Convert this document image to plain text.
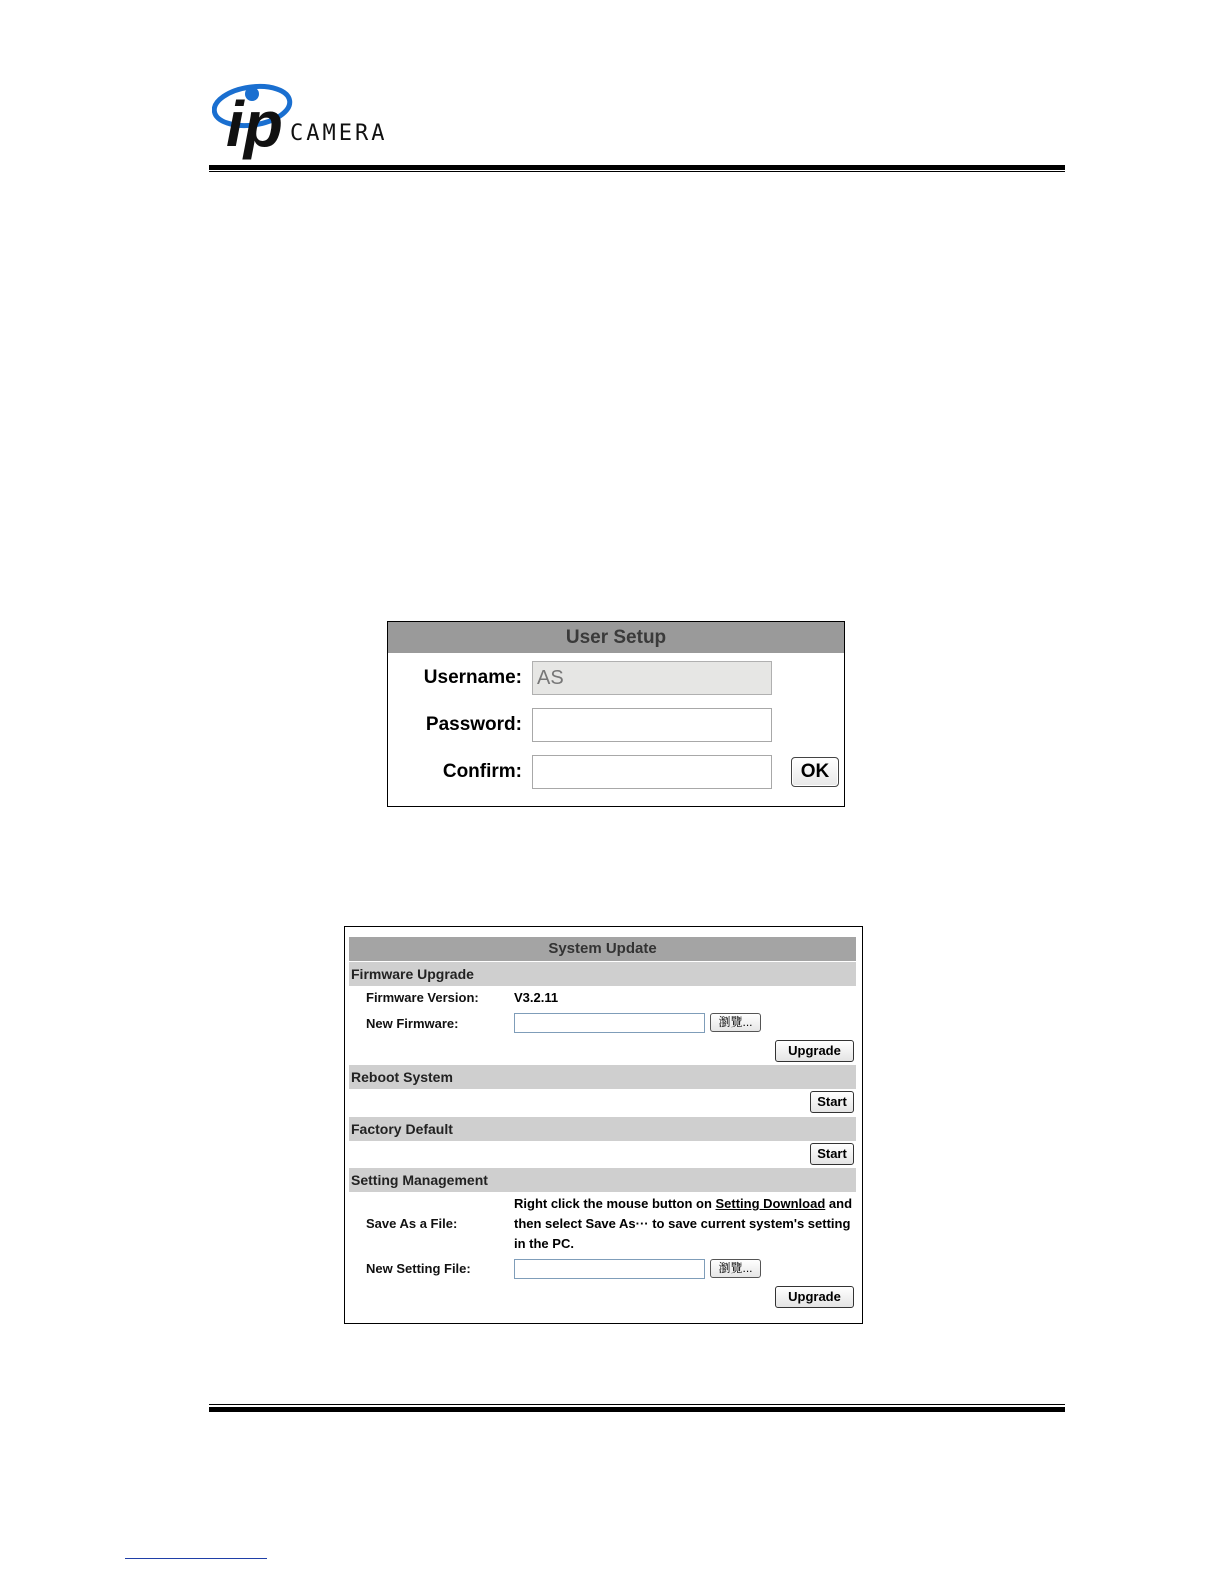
ip CAMERA
User Setup
Username: AS
Password:
Confirm:	OK
System Update
Firmware Upgrade
Firmware Version:	V3.2.11
New Firmware:	瀏覽...
Upgrade
Reboot System
Start
Factory Default
Start
Setting Management
Save As a File:
Right click the mouse button on Setting Download and then select Save As··· to save current system's setting in the PC.
New Setting File:	瀏覽...
Upgrade
